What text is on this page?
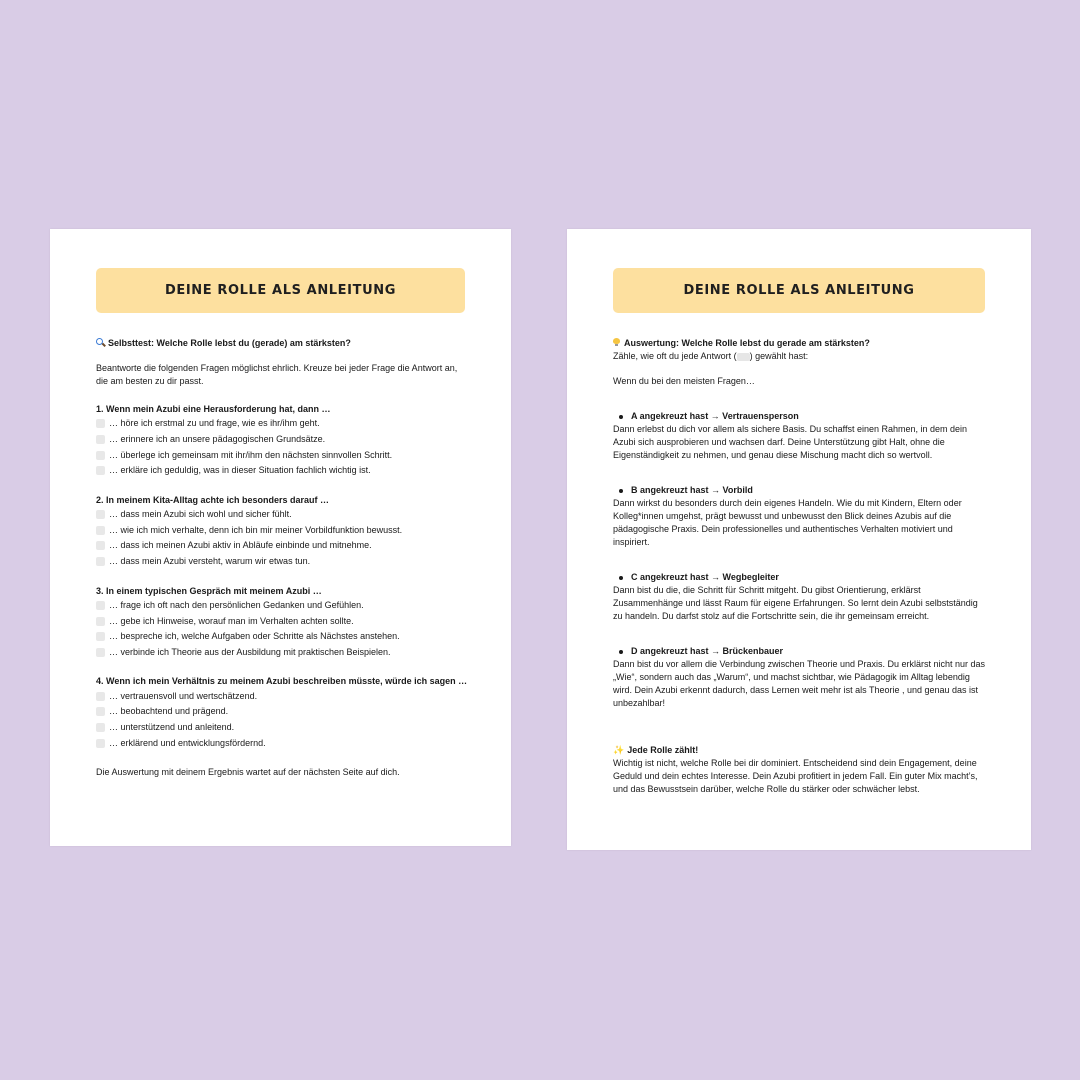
DEINE ROLLE ALS ANLEITUNG

Selbsttest: Welche Rolle lebst du (gerade) am stärksten?

Beantworte die folgenden Fragen möglichst ehrlich. Kreuze bei jeder Frage die Antwort an, die am besten zu dir passt.

1. Wenn mein Azubi eine Herausforderung hat, dann …

… höre ich erstmal zu und frage, wie es ihr/ihm geht.
… erinnere ich an unsere pädagogischen Grundsätze.
… überlege ich gemeinsam mit ihr/ihm den nächsten sinnvollen Schritt.
… erkläre ich geduldig, was in dieser Situation fachlich wichtig ist.

2. In meinem Kita-Alltag achte ich besonders darauf …

… dass mein Azubi sich wohl und sicher fühlt.
… wie ich mich verhalte, denn ich bin mir meiner Vorbildfunktion bewusst.
… dass ich meinen Azubi aktiv in Abläufe einbinde und mitnehme.
… dass mein Azubi versteht, warum wir etwas tun.

3. In einem typischen Gespräch mit meinem Azubi …

… frage ich oft nach den persönlichen Gedanken und Gefühlen.
… gebe ich Hinweise, worauf man im Verhalten achten sollte.
… bespreche ich, welche Aufgaben oder Schritte als Nächstes anstehen.
… verbinde ich Theorie aus der Ausbildung mit praktischen Beispielen.

4. Wenn ich mein Verhältnis zu meinem Azubi beschreiben müsste, würde ich sagen …

… vertrauensvoll und wertschätzend.
… beobachtend und prägend.
… unterstützend und anleitend.
… erklärend und entwicklungsfördernd.

Die Auswertung mit deinem Ergebnis wartet auf der nächsten Seite auf dich.

DEINE ROLLE ALS ANLEITUNG

Auswertung: Welche Rolle lebst du gerade am stärksten?

Zähle, wie oft du jede Antwort ( ) gewählt hast:

Wenn du bei den meisten Fragen…

A angekreuzt hast → Vertrauensperson

Dann erlebst du dich vor allem als sichere Basis. Du schaffst einen Rahmen, in dem dein Azubi sich ausprobieren und wachsen darf. Deine Unterstützung gibt Halt, ohne die Eigenständigkeit zu nehmen, und genau diese Mischung macht dich so wertvoll.

B angekreuzt hast → Vorbild

Dann wirkst du besonders durch dein eigenes Handeln. Wie du mit Kindern, Eltern oder Kolleg*innen umgehst, prägt bewusst und unbewusst den Blick deines Azubis auf die pädagogische Praxis. Dein professionelles und authentisches Verhalten motiviert und inspiriert.

C angekreuzt hast → Wegbegleiter

Dann bist du die, die Schritt für Schritt mitgeht. Du gibst Orientierung, erklärst Zusammenhänge und lässt Raum für eigene Erfahrungen. So lernt dein Azubi selbstständig zu handeln. Du darfst stolz auf die Fortschritte sein, die ihr gemeinsam erreicht.

D angekreuzt hast → Brückenbauer

Dann bist du vor allem die Verbindung zwischen Theorie und Praxis. Du erklärst nicht nur das „Wie“, sondern auch das „Warum“, und machst sichtbar, wie Pädagogik im Alltag lebendig wird. Dein Azubi erkennt dadurch, dass Lernen weit mehr ist als Theorie , und genau das ist unbezahlbar!

✨ Jede Rolle zählt!

Wichtig ist nicht, welche Rolle bei dir dominiert. Entscheidend sind dein Engagement, deine Geduld und dein echtes Interesse. Dein Azubi profitiert in jedem Fall. Ein guter Mix macht’s, und das Bewusstsein darüber, welche Rolle du stärker oder schwächer lebst.
